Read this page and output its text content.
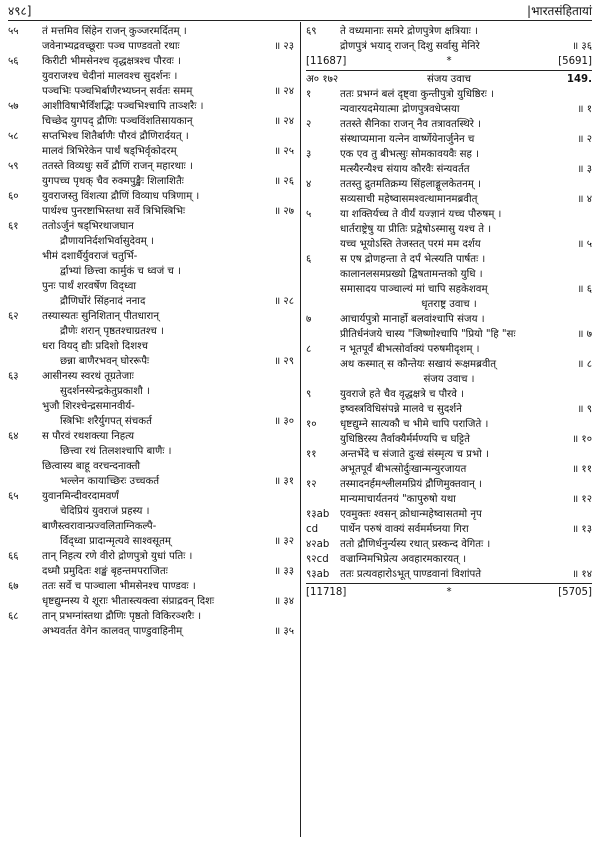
४९८]	|भारतसंहितायां
५५ तं मत्तमिव सिंहेन राजन् कुञ्जरमर्दितम् ।
जवेनाभ्यद्रवच्छूराः पञ्च पाण्डवतो रथाः	॥ २३
५६ किरीटी भीमसेनश्च वृद्धक्षत्रश्च पौरवः ।
युवराजश्च चेदीनां मालवश्च सुदर्शनः ।
पञ्चभिः पञ्चभिर्बाणैरभ्यघ्नन् सर्वतः समम्	॥ २४
५७ आशीविषाभैर्विंशद्भिः पञ्चभिश्चापि ताञ्शरैः ।
चिच्छेद युगपद् द्रौणिः पञ्चविंशतिसायकान्	॥ २४
५८ सप्तभिश्च शितैर्बाणैः पौरवं द्रौणिरार्दयत् ।
मालवं त्रिभिरेकेन पार्थं षड्भिर्वृकोदरम्	॥ २५
५९ ततस्ते विव्यधुः सर्वे द्रौणिं राजन् महारथाः ।
युगपच्च पृथक् चैव रुक्मपुङ्खैः शिलाशितैः	॥ २६
६० युवराजस्तु विंशत्या द्रौणिं विव्याध पत्रिणाम् ।
पार्थश्च पुनरष्टाभिस्तथा सर्वे त्रिभिस्त्रिभिः	॥ २७
६१ ततोऽर्जुनं षड्भिरथाजघान
द्रौणायनिर्दशभिर्वासुदेवम् ।
भीमं दशार्धैर्युवराजं चतुर्भि-
र्द्वाभ्यां छित्त्वा कार्मुकं च ध्वजं च ।
पुनः पार्थं शरवर्षेण विद्ध्वा
द्रौणिर्घोरं सिंहनादं ननाद	॥ २८
६२ तस्यास्यतः सुनिशितान् पीतधारान्
द्रौणेः शरान् पृष्ठतश्चाग्रतश्च ।
धरा वियद् द्यौः प्रदिशो दिशश्च
छन्ना बाणैरभवन् घोररूपैः	॥ २९
६३ आसीनस्य स्वरथं तूग्रतेजाः
सुदर्शनस्येन्द्रकेतुप्रकाशौ ।
भुजौ शिरश्चेन्द्रसमानवीर्य-
स्त्रिभिः शरैर्युगपत् संचकर्त	॥ ३०
६४ स पौरवं रथशक्त्या निहत्य
छित्त्वा रथं तिलशश्चापि बाणैः ।
छित्वास्य बाहू वरचन्दनाक्तौ
भल्लेन कायाच्छिरः उच्चकर्त	॥ ३१
६५ युवानमिन्दीवरदामवर्णं
चेदिप्रियं युवराजं प्रहस्य ।
बाणैस्त्वरावान्प्रज्वलिताग्निकल्पै-
र्विद्ध्वा प्रादान्मृत्यवे साश्वसूतम्	॥ ३२
६६ तान् निहत्य रणे वीरो द्रोणपुत्रो युधां पतिः ।
दध्मौ प्रमुदितः शङ्खं बृहन्तमपराजितः	॥ ३३
६७ ततः सर्वे च पाञ्चाला भीमसेनश्च पाण्डवः ।
धृष्टद्युम्नस्य ये शूराः भीतास्त्यक्त्वा संप्राद्रवन् दिशः	॥ ३४
६८ तान् प्रभग्नांस्तथा द्रौणिः पृष्ठतो विकिरञ्शरैः ।
अभ्यवर्तत वेगेन कालवत् पाण्डुवाहिनीम्	॥ ३५
६९ ते वध्यमानाः समरे द्रोणपुत्रेण क्षत्रियाः ।
द्रोणपुत्रं भयाद् राजन् दिशु सर्वासु मेनिरे	॥ ३६
[11687]	*	[5691]
अ० १७२	संजय उवाच	149.
१	ततः प्रभग्नं बलं दृष्ट्वा कुन्तीपुत्रो युधिष्ठिरः ।
न्यवारयदमेयात्मा द्रोणपुत्रवधेप्सया	॥ १
२	ततस्ते सैनिका राजन् नैव तत्रावतस्थिरे ।
संस्थाप्यमाना यत्नेन वार्ष्णेयेनार्जुनेन च	॥ २
३	एक एव तु बीभत्सुः सोमकावयवैः सह ।
मत्स्यैरन्यैश्च संयाय कौरवैः संन्यवर्तत	॥ ३
४	ततस्तु द्रुतमतिक्रम्य सिंहलाङ्गूलकेतनम् ।
सव्यसाची महेष्वासमश्वत्थामानमब्रवीत्	॥ ४
५	या शक्तिर्यच्च ते वीर्यं यज्ज्ञानं यच्च पौरुषम् ।
धार्तराष्ट्रेषु या प्रीतिः प्रद्वेषोऽस्मासु यश्च ते ।
यच्च भूयोऽस्ति तेजस्तत् परमं मम दर्शय	॥ ५
६	स एष द्रोणहन्ता ते दर्पं भेत्स्यति पार्षतः ।
कालानलसमप्रख्यो द्विषतामन्तको युधि ।
समासादय पाञ्चाल्यं मां चापि सहकेशवम्	॥ ६
धृतराष्ट्र उवाच ।
७	आचार्यपुत्रो मानार्हो बलवांश्चापि संजय ।
प्रीतिर्धनंजये चास्य "जिष्णोश्चापि "प्रियो "हि "सः	॥ ७
८	न भूतपूर्वं बीभत्सोर्वाक्यं परुषमीदृशम् ।
अथ कस्मात् स कौन्तेयः सखायं रूक्षमब्रवीत्	॥ ८
संजय उवाच ।
९	युवराजे हते चैव वृद्धक्षत्रे च पौरवे ।
इष्वस्त्रविधिसंपन्ने मालवे च सुदर्शने	॥ ९
१० धृष्टद्युम्ने सात्यकौ च भीमे चापि पराजिते ।
युधिष्ठिरस्य तैर्वाक्यैर्मर्मण्यपि च घट्टिते	॥ १०
११ अन्तर्भेदे च संजाते दुःखं संस्मृत्य च प्रभो ।
अभूतपूर्वं बीभत्सोर्दुःखान्मन्युरजायत	॥ ११
१२ तस्मादनर्हमश्लीलमप्रियं द्रौणिमुक्तवान् ।
मान्यमाचार्यतनयं "कापुरुषो यथा	॥ १२
१३ab एवमुक्तः श्वसन् क्रोधान्महेष्वासतमो नृप
cd पार्थेन परुषं वाक्यं सर्वमर्मघ्नया गिरा	॥ १३
४२ab ततो द्रौणिर्धनुर्न्यस्य रथात् प्रस्कन्द वेगितः ।
९२cd वज्राग्निमभिप्रेत्य अवहारमकारयत् ।
९३ab ततः प्रत्यवहारोऽभूत् पाण्डवानां विशांपते	॥ १४
[11718]	*	[5705]
